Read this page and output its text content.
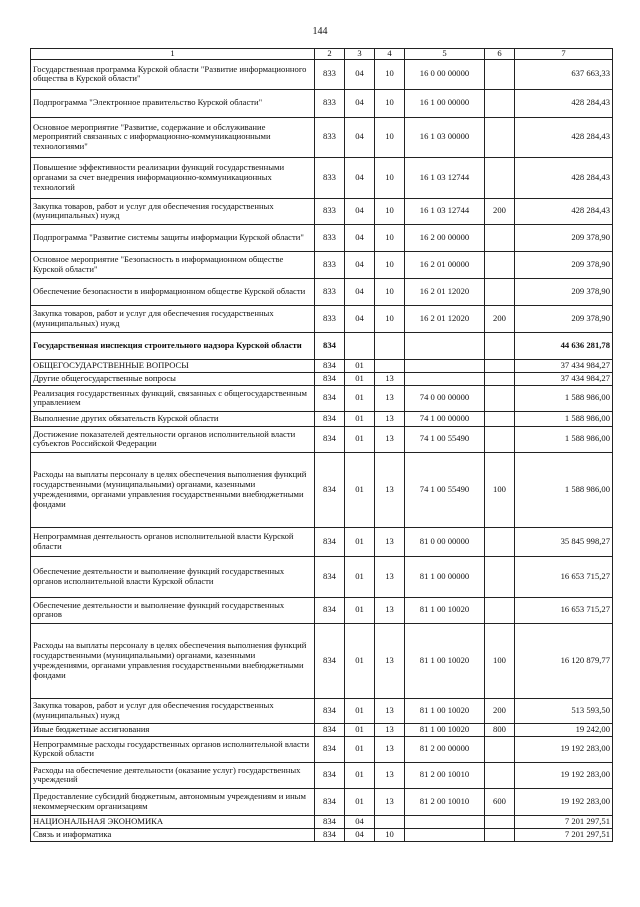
144
1	2	3	4	5	6	7
Государственная программа Курской области "Развитие информационного общества в Курской области"	833	04	10	16 0 00 00000		637 663,33
Подпрограмма "Электронное правительство Курской области"	833	04	10	16 1 00 00000		428 284,43
Основное мероприятие "Развитие, содержание и обслуживание мероприятий связанных с информационно-коммуникационными технологиями"	833	04	10	16 1 03 00000		428 284,43
Повышение эффективности реализации функций государственными органами за счет внедрения информационно-коммуникационных технологий	833	04	10	16 1 03 12744		428 284,43
Закупка товаров, работ и услуг для обеспечения государственных (муниципальных) нужд	833	04	10	16 1 03 12744	200	428 284,43
Подпрограмма "Развитие системы защиты информации Курской области"	833	04	10	16 2 00 00000		209 378,90
Основное мероприятие "Безопасность в информационном обществе Курской области"	833	04	10	16 2 01 00000		209 378,90
Обеспечение безопасности в информационном обществе Курской области	833	04	10	16 2 01 12020		209 378,90
Закупка товаров, работ и услуг для обеспечения государственных (муниципальных) нужд	833	04	10	16 2 01 12020	200	209 378,90
Государственная инспекция строительного надзора Курской области	834					44 636 281,78
ОБЩЕГОСУДАРСТВЕННЫЕ ВОПРОСЫ	834	01				37 434 984,27
Другие общегосударственные вопросы	834	01	13			37 434 984,27
Реализация государственных функций, связанных с общегосударственным управлением	834	01	13	74 0 00 00000		1 588 986,00
Выполнение других обязательств Курской области	834	01	13	74 1 00 00000		1 588 986,00
Достижение показателей деятельности органов исполнительной власти субъектов Российской Федерации	834	01	13	74 1 00 55490		1 588 986,00
Расходы на выплаты персоналу в целях обеспечения выполнения функций государственными (муниципальными) органами, казенными учреждениями, органами управления государственными внебюджетными фондами	834	01	13	74 1 00 55490	100	1 588 986,00
Непрограммная деятельность органов исполнительной власти Курской области	834	01	13	81 0 00 00000		35 845 998,27
Обеспечение деятельности и выполнение функций государственных органов исполнительной власти Курской области	834	01	13	81 1 00 00000		16 653 715,27
Обеспечение деятельности и выполнение функций государственных органов	834	01	13	81 1 00 10020		16 653 715,27
Расходы на выплаты персоналу в целях обеспечения выполнения функций государственными (муниципальными) органами, казенными учреждениями, органами управления государственными внебюджетными фондами	834	01	13	81 1 00 10020	100	16 120 879,77
Закупка товаров, работ и услуг для обеспечения государственных (муниципальных) нужд	834	01	13	81 1 00 10020	200	513 593,50
Иные бюджетные ассигнования	834	01	13	81 1 00 10020	800	19 242,00
Непрограммные расходы государственных органов исполнительной власти Курской области	834	01	13	81 2 00 00000		19 192 283,00
Расходы на обеспечение деятельности (оказание услуг) государственных учреждений	834	01	13	81 2 00 10010		19 192 283,00
Предоставление субсидий бюджетным, автономным учреждениям и иным некоммерческим организациям	834	01	13	81 2 00 10010	600	19 192 283,00
НАЦИОНАЛЬНАЯ ЭКОНОМИКА	834	04				7 201 297,51
Связь и информатика	834	04	10			7 201 297,51
